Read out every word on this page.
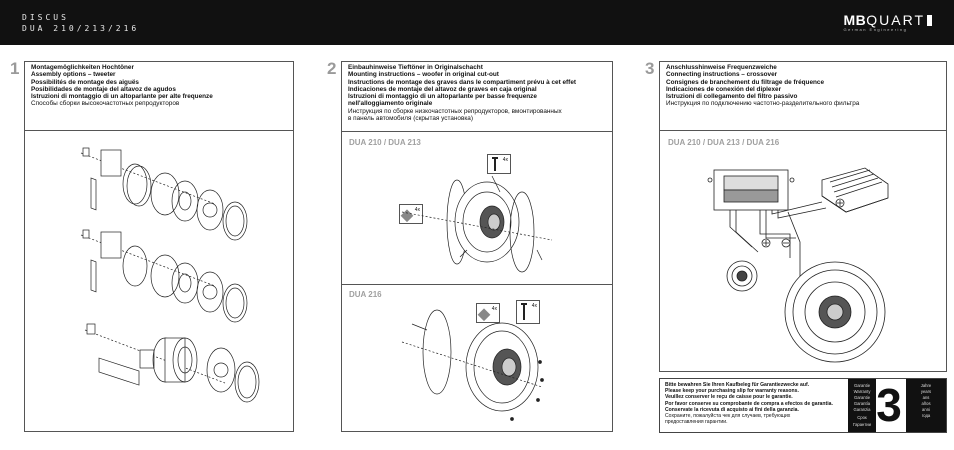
DISCUS
DUA 210/213/216
MBQUART
German Engineering
1	2	3
Montagemöglichkeiten Hochtöner
Assembly options – tweeter
Possibilités de montage des aiguës
Posibilidades de montaje del altavoz de agudos
Istruzioni di montaggio di un altoparlante per alte frequenze
Способы сборки высокочастотных репродукторов
Einbauhinweise Tieftöner in Originalschacht
Mounting instructions – woofer in original cut-out
Instructions de montage des graves dans le compartiment prévu à cet effet
Indicaciones de montaje del altavoz de graves en caja original
Istruzioni di montaggio di un altoparlante per basse frequenze
nell'alloggiamento originale
Инструкция по сборке низкочастотных репродукторов, вмонтированных
в панель автомобиля (скрытая установка)
DUA 210 / DUA 213
DUA 216
4x
4x
4x	4x
Anschlusshinweise Frequenzweiche
Connecting instructions – crossover
Consignes de branchement du filtrage de fréquence
Indicaciones de conexión del diplexer
Istruzioni di collegamento del filtro passivo
Инструкция по подключению частотно-разделительного фильтра
DUA 210 / DUA 213 / DUA 216
Bitte bewahren Sie Ihren Kaufbeleg für Garantiezwecke auf.
Please keep your purchasing slip for warranty reasons.
Veuillez conserver le reçu de caisse pour le garantie.
Por favor conserve su comprobante de compra a efectos de garantia.
Conservate la ricevuta di acquisto ai fini della garanzia.
Сохраните, пожалуйста чек для случаев, требующих
предоставления гарантии.
Garantie
Warranty
Garantie
Garantía
Garanzia
Срок Гарантии
Jahre
years
ans
años
anni
года
3
